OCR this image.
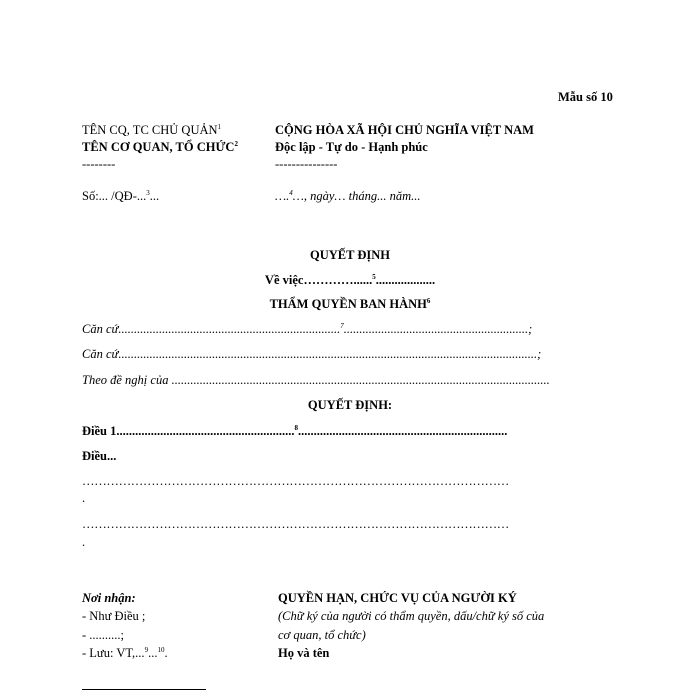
Mẫu số 10
TÊN CQ, TC CHỦ QUẢN$^1$
TÊN CƠ QUAN, TỔ CHỨC$^2$
--------
Số:... /QĐ-...$^3$...
CỘNG HÒA XÃ HỘI CHỦ NGHĨA VIỆT NAM
Độc lập - Tự do - Hạnh phúc
---------------
….$^4$…, ngày… tháng... năm...
QUYẾT ĐỊNH
Về việc…………......$^5$...................
THẨM QUYỀN BAN HÀNH$^6$
Căn cứ.......................................................................$^7$...........................................................;
Căn cứ......................................................................................................................................;
Theo đề nghị của .........................................................................................................................
QUYẾT ĐỊNH:
Điều 1.........................................................$^8$...................................................................
Điều...
……………………………………………………………………………………………
.
……………………………………………………………………………………………
.
Nơi nhận:
- Như Điều ;
- ..........;
- Lưu: VT,...$^9$...$^{10}$.
QUYỀN HẠN, CHỨC VỤ CỦA NGƯỜI KÝ
(Chữ ký của người có thẩm quyền, dấu/chữ ký số của
cơ quan, tổ chức)
Họ và tên
